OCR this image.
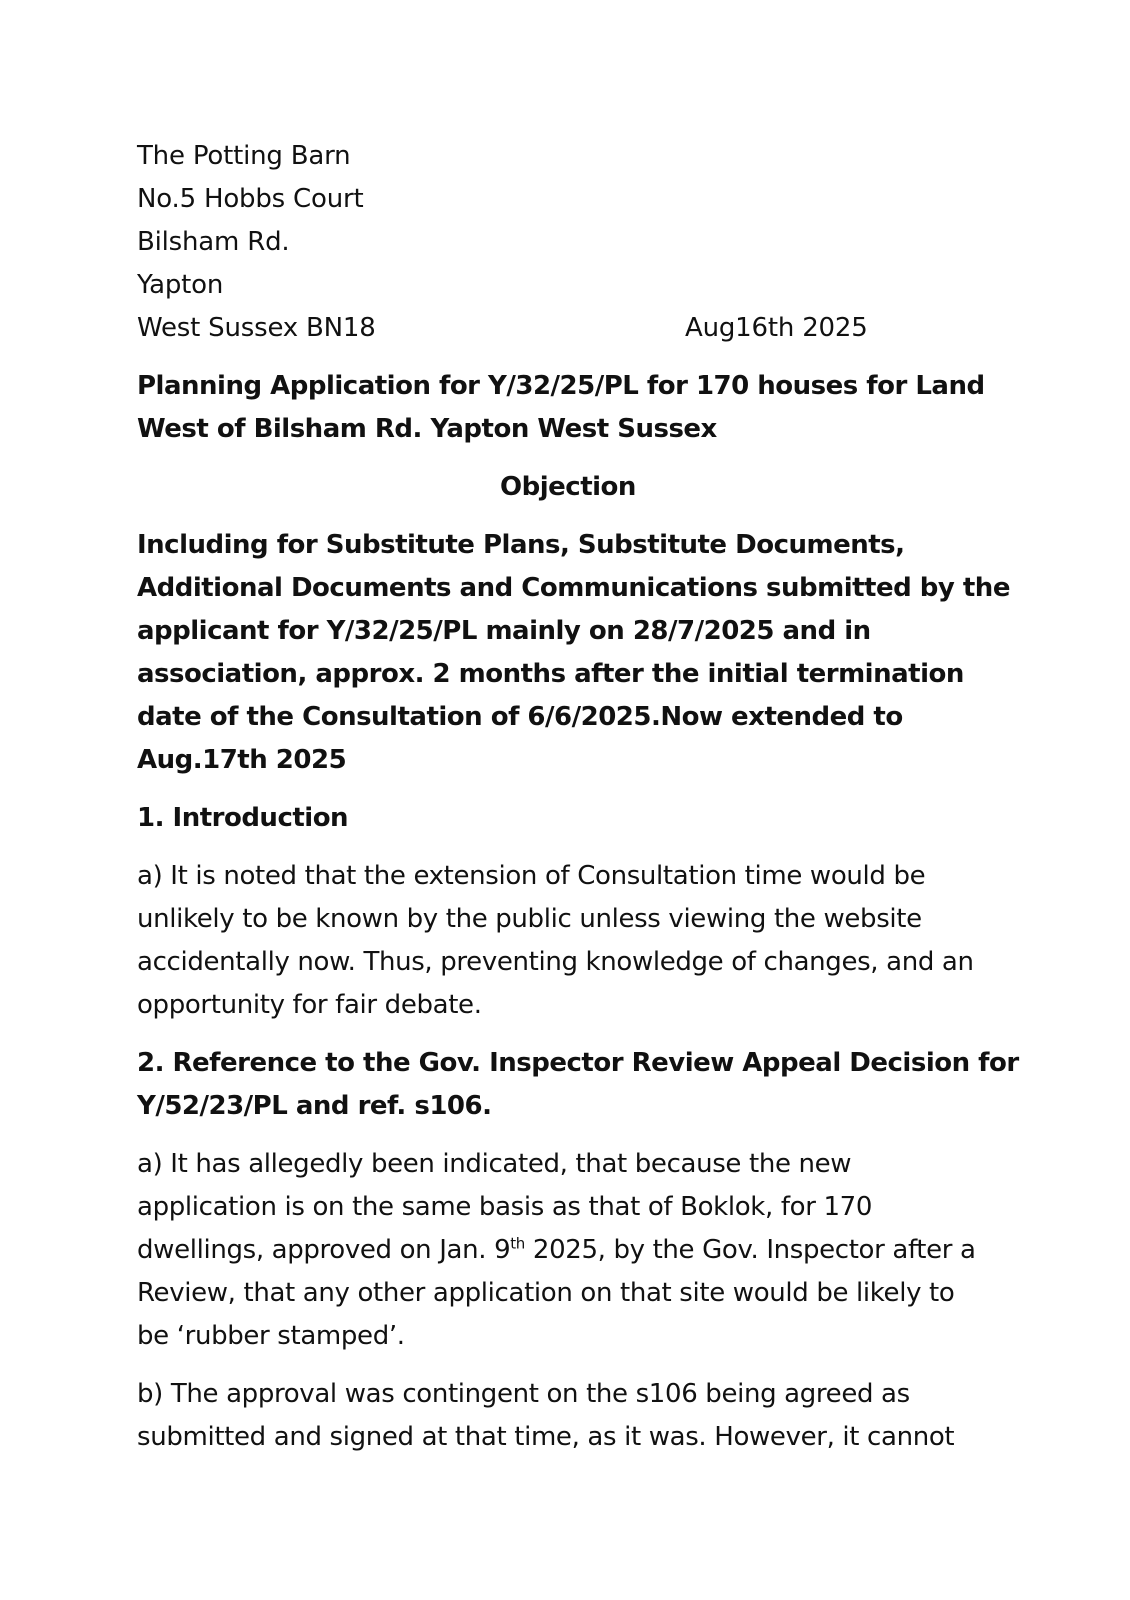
The Potting Barn
No.5 Hobbs Court
Bilsham Rd.
Yapton
West Sussex BN18	Aug16th 2025
Planning Application for Y/32/25/PL for 170 houses for Land
West of Bilsham Rd. Yapton West Sussex
Objection
Including for Substitute Plans, Substitute Documents,
Additional Documents and Communications submitted by the
applicant for Y/32/25/PL mainly on 28/7/2025 and in
association, approx. 2 months after the initial termination
date of the Consultation of 6/6/2025.Now extended to
Aug.17th 2025
1. Introduction
a) It is noted that the extension of Consultation time would be
unlikely to be known by the public unless viewing the website
accidentally now. Thus, preventing knowledge of changes, and an
opportunity for fair debate.
2. Reference to the Gov. Inspector Review Appeal Decision for
Y/52/23/PL and ref. s106.
a) It has allegedly been indicated, that because the new
application is on the same basis as that of Boklok, for 170
dwellings, approved on Jan. 9th 2025, by the Gov. Inspector after a
Review, that any other application on that site would be likely to
be ‘rubber stamped’.
b) The approval was contingent on the s106 being agreed as
submitted and signed at that time, as it was. However, it cannot
